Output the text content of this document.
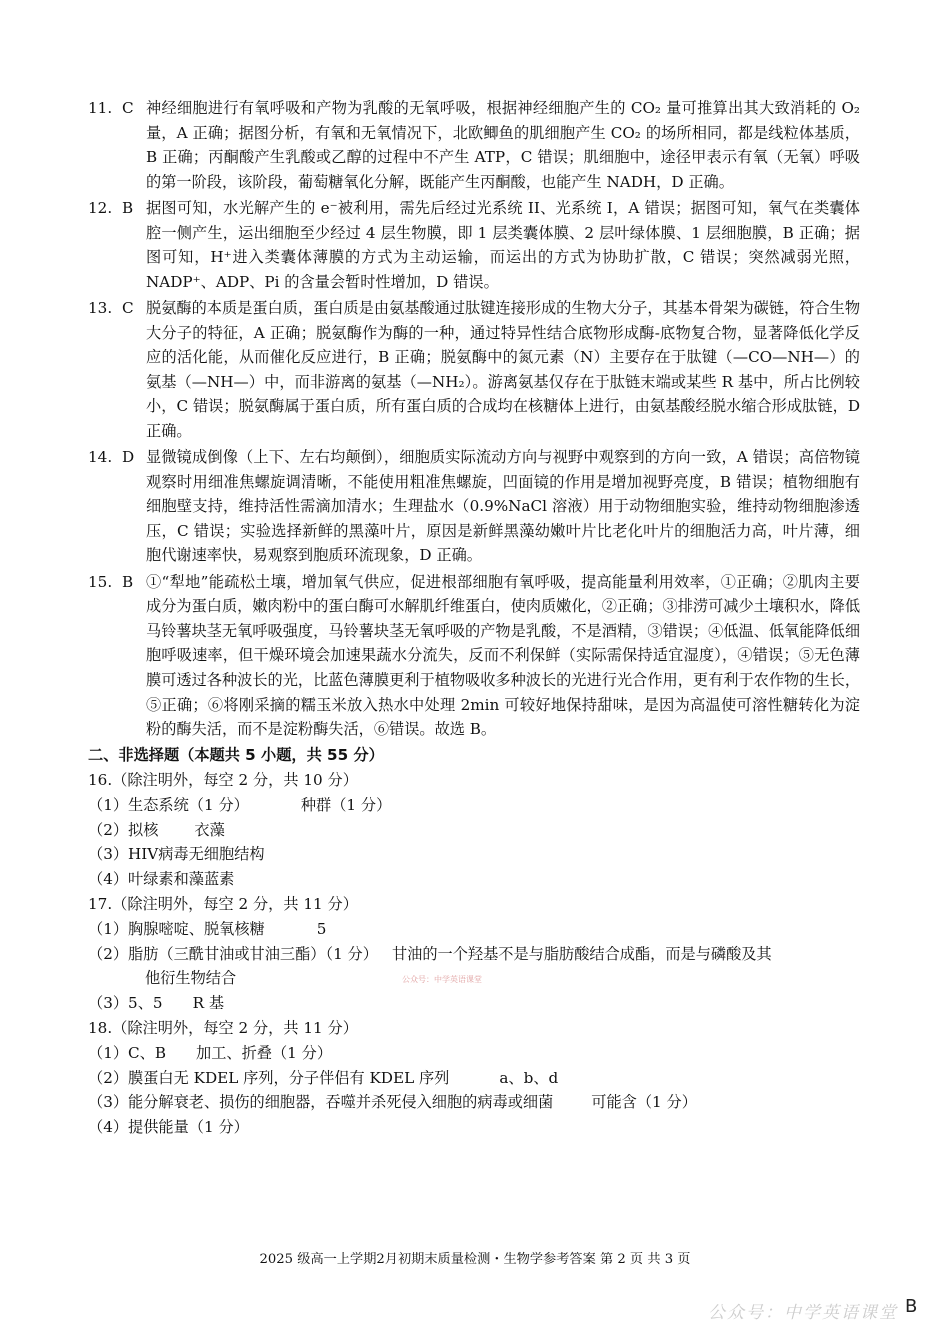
11. C 神经细胞进行有氧呼吸和产物为乳酸的无氧呼吸，根据神经细胞产生的 CO₂ 量可推算出其大致消耗的 O₂ 量，A 正确；据图分析，有氧和无氧情况下，北欧鲫鱼的肌细胞产生 CO₂ 的场所相同，都是线粒体基质，B 正确；丙酮酸产生乳酸或乙醇的过程中不产生 ATP，C 错误；肌细胞中，途径甲表示有氧（无氧）呼吸的第一阶段，该阶段，葡萄糖氧化分解，既能产生丙酮酸，也能产生 NADH，D 正确。
12. B 据图可知，水光解产生的 e⁻被利用，需先后经过光系统 II、光系统 I，A 错误；据图可知，氧气在类囊体腔一侧产生，运出细胞至少经过 4 层生物膜，即 1 层类囊体膜、2 层叶绿体膜、1 层细胞膜，B 正确；据图可知，H⁺进入类囊体薄膜的方式为主动运输，而运出的方式为协助扩散，C 错误；突然减弱光照，NADP⁺、ADP、Pi 的含量会暂时性增加，D 错误。
13. C 脱氨酶的本质是蛋白质，蛋白质是由氨基酸通过肽键连接形成的生物大分子，其基本骨架为碳链，符合生物大分子的特征，A 正确；脱氨酶作为酶的一种，通过特异性结合底物形成酶-底物复合物，显著降低化学反应的活化能，从而催化反应进行，B 正确；脱氨酶中的氮元素（N）主要存在于肽键（—CO—NH—）的氨基（—NH—）中，而非游离的氨基（—NH₂）。游离氨基仅存在于肽链末端或某些 R 基中，所占比例较小，C 错误；脱氨酶属于蛋白质，所有蛋白质的合成均在核糖体上进行，由氨基酸经脱水缩合形成肽链，D 正确。
14. D 显微镜成倒像（上下、左右均颠倒），细胞质实际流动方向与视野中观察到的方向一致，A 错误；高倍物镜观察时用细准焦螺旋调清晰，不能使用粗准焦螺旋，凹面镜的作用是增加视野亮度，B 错误；植物细胞有细胞壁支持，维持活性需滴加清水；生理盐水（0.9%NaCl 溶液）用于动物细胞实验，维持动物细胞渗透压，C 错误；实验选择新鲜的黑藻叶片，原因是新鲜黑藻幼嫩叶片比老化叶片的细胞活力高，叶片薄，细胞代谢速率快，易观察到胞质环流现象，D 正确。
15. B ①“犁地”能疏松土壤，增加氧气供应，促进根部细胞有氧呼吸，提高能量利用效率，①正确；②肌肉主要成分为蛋白质，嫩肉粉中的蛋白酶可水解肌纤维蛋白，使肉质嫩化，②正确；③排涝可减少土壤积水，降低马铃薯块茎无氧呼吸强度，马铃薯块茎无氧呼吸的产物是乳酸，不是酒精，③错误；④低温、低氧能降低细胞呼吸速率，但干燥环境会加速果蔬水分流失，反而不利保鲜（实际需保持适宜湿度），④错误；⑤无色薄膜可透过各种波长的光，比蓝色薄膜更利于植物吸收多种波长的光进行光合作用，更有利于农作物的生长，⑤正确；⑥将刚采摘的糯玉米放入热水中处理 2min 可较好地保持甜味，是因为高温使可溶性糖转化为淀粉的酶失活，而不是淀粉酶失活，⑥错误。故选 B。
二、非选择题（本题共 5 小题，共 55 分）
16.（除注明外，每空 2 分，共 10 分）
（1）生态系统（1 分）	种群（1 分）
（2）拟核 衣藻
（3）HIV病毒无细胞结构
（4）叶绿素和藻蓝素
17.（除注明外，每空 2 分，共 11 分）
（1）胸腺嘧啶、脱氧核糖	5
（2）脂肪（三酰甘油或甘油三酯）（1 分） 甘油的一个羟基不是与脂肪酸结合成酯，而是与磷酸及其
他衍生物结合
（3）5、5 R 基
18.（除注明外，每空 2 分，共 11 分）
（1）C、B 加工、折叠（1 分）
（2）膜蛋白无 KDEL 序列，分子伴侣有 KDEL 序列	a、b、d
（3）能分解衰老、损伤的细胞器，吞噬并杀死侵入细胞的病毒或细菌	可能含（1 分）
（4）提供能量（1 分）
公众号：中学英语课堂
2025 级高一上学期2月初期末质量检测・生物学参考答案 第 2 页 共 3 页
公众号：中学英语课堂 B
